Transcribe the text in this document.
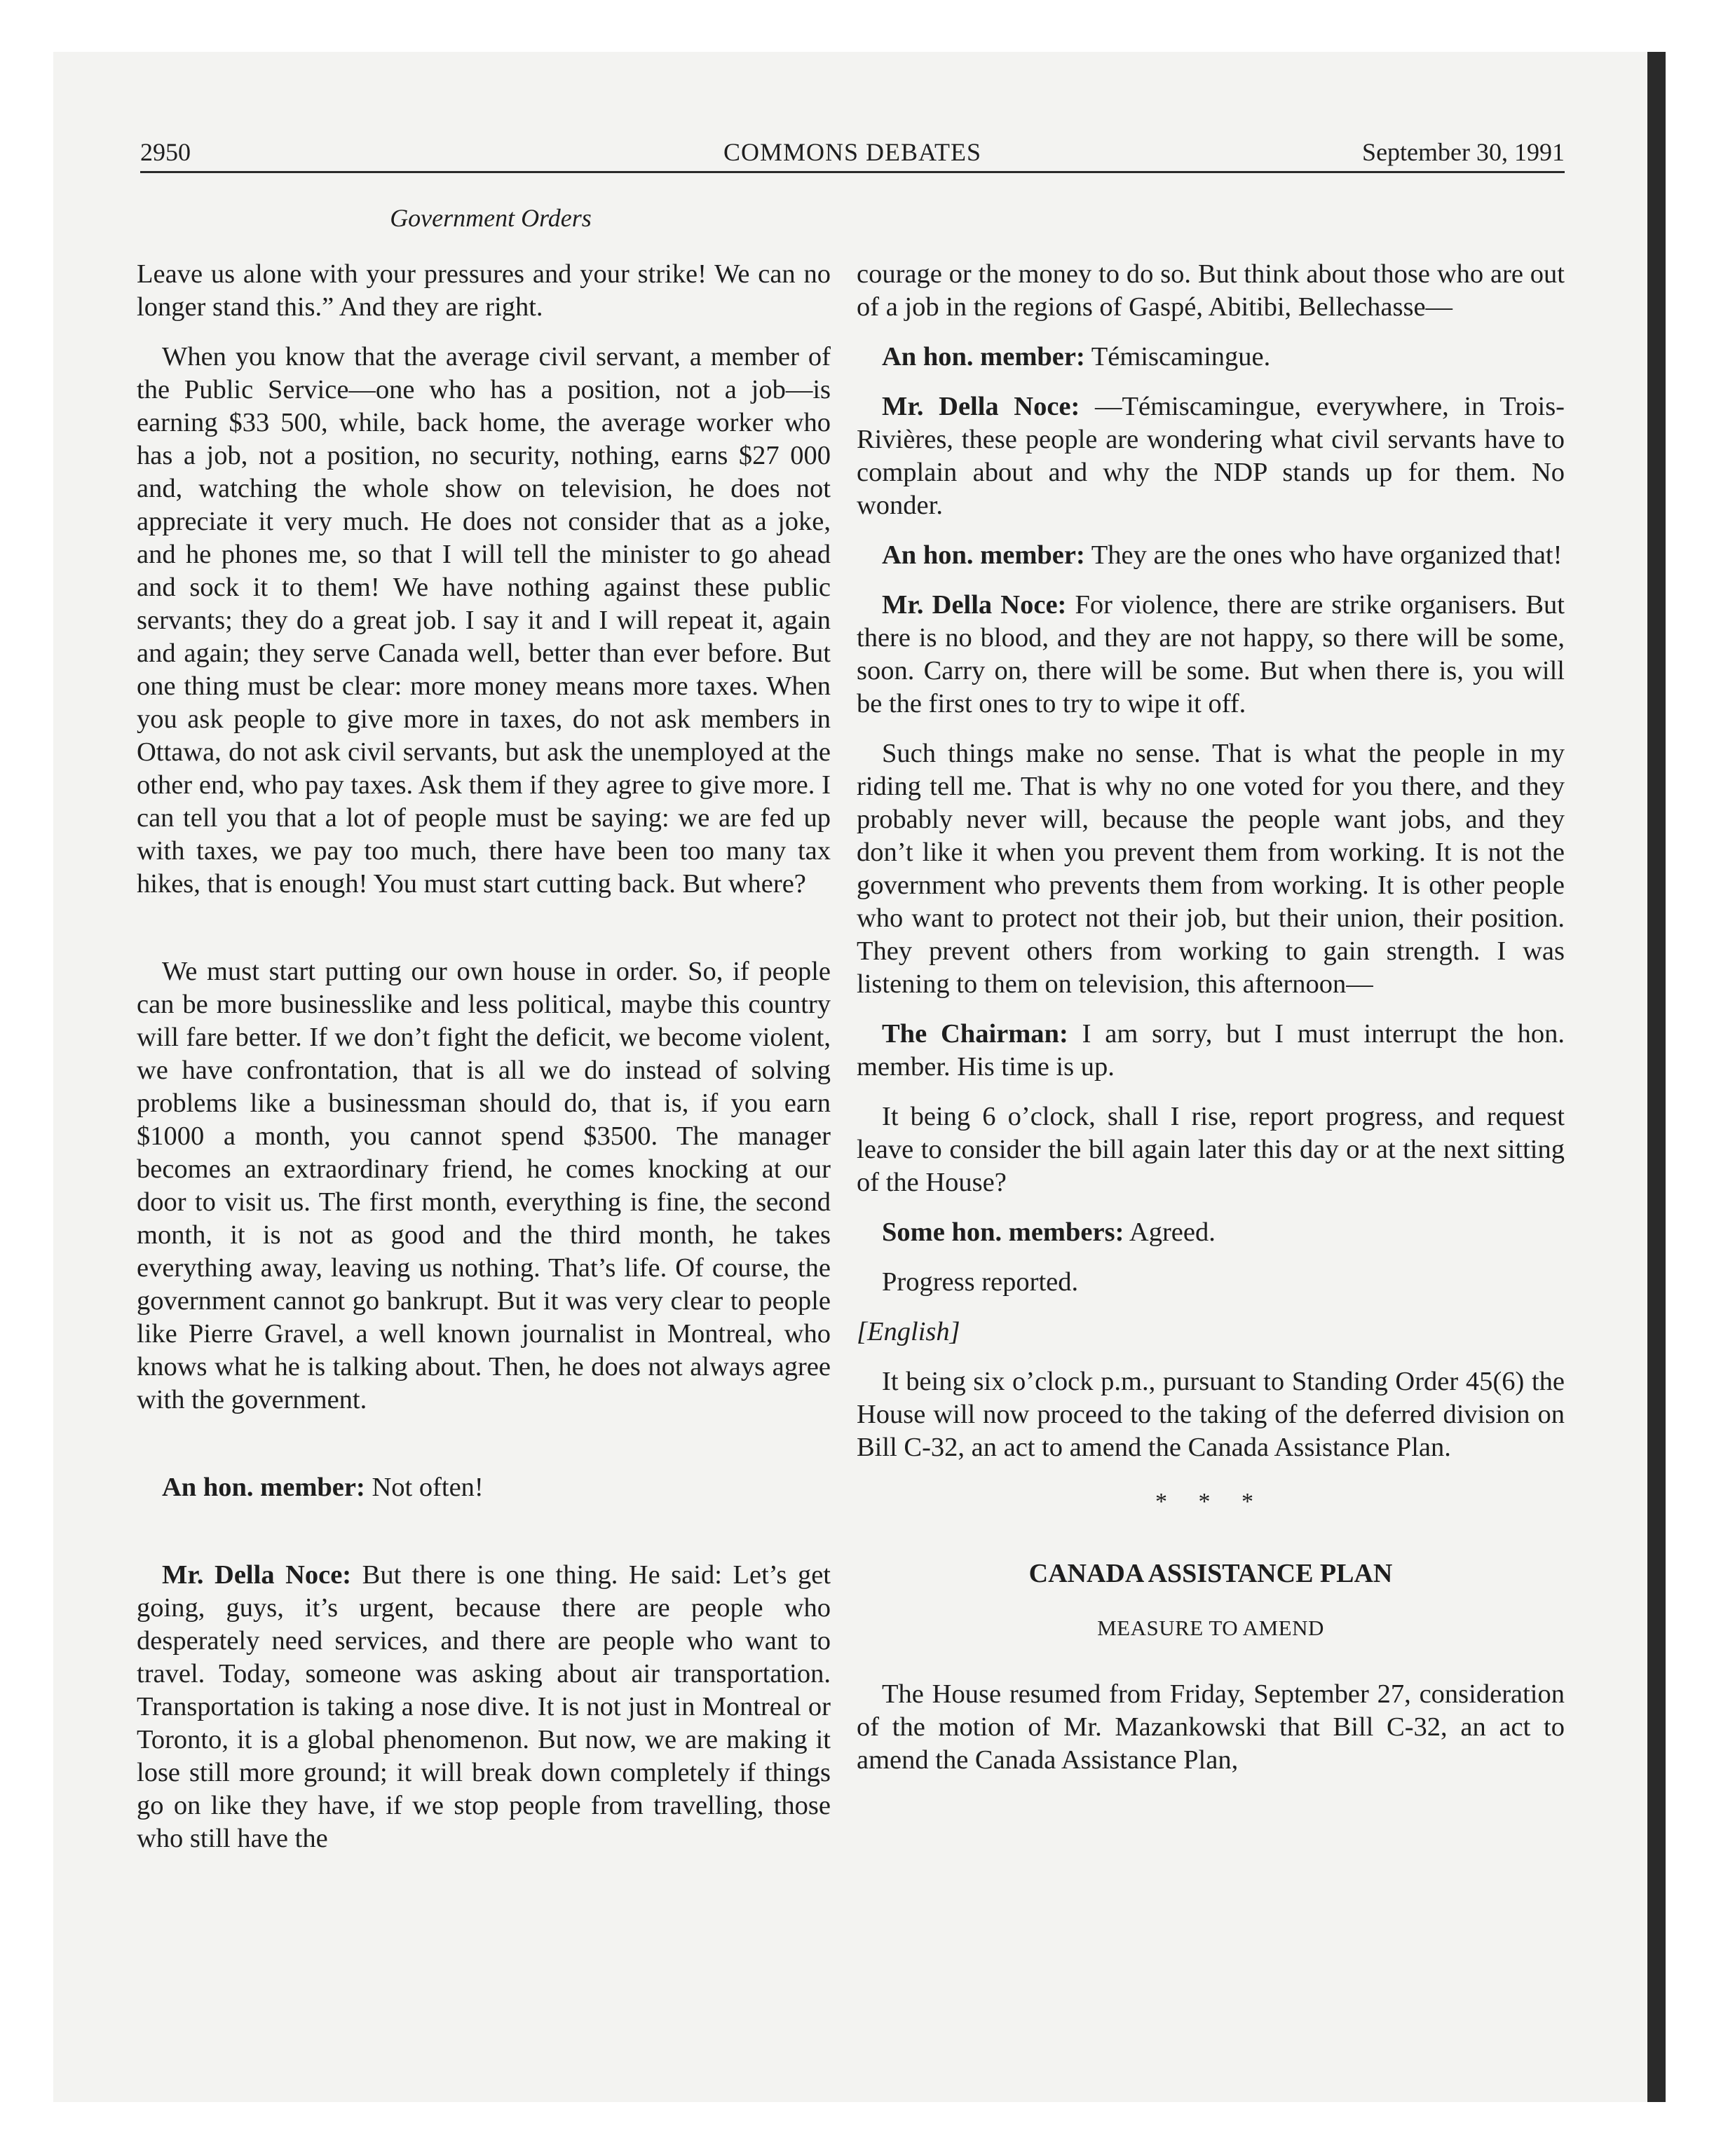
2950	COMMONS DEBATES	September 30, 1991
Government Orders

Leave us alone with your pressures and your strike! We can no longer stand this.” And they are right.

When you know that the average civil servant, a member of the Public Service—one who has a position, not a job—is earning $33 500, while, back home, the average worker who has a job, not a position, no security, nothing, earns $27 000 and, watching the whole show on television, he does not appreciate it very much. He does not consider that as a joke, and he phones me, so that I will tell the minister to go ahead and sock it to them! We have nothing against these public servants; they do a great job. I say it and I will repeat it, again and again; they serve Canada well, better than ever before. But one thing must be clear: more money means more taxes. When you ask people to give more in taxes, do not ask members in Ottawa, do not ask civil servants, but ask the unemployed at the other end, who pay taxes. Ask them if they agree to give more. I can tell you that a lot of people must be saying: we are fed up with taxes, we pay too much, there have been too many tax hikes, that is enough! You must start cutting back. But where?

We must start putting our own house in order. So, if people can be more businesslike and less political, maybe this country will fare better. If we don’t fight the deficit, we become violent, we have confrontation, that is all we do instead of solving problems like a businessman should do, that is, if you earn $1000 a month, you cannot spend $3500. The manager becomes an extraordinary friend, he comes knocking at our door to visit us. The first month, everything is fine, the second month, it is not as good and the third month, he takes everything away, leaving us nothing. That’s life. Of course, the government cannot go bankrupt. But it was very clear to people like Pierre Gravel, a well known journalist in Montreal, who knows what he is talking about. Then, he does not always agree with the government.

An hon. member: Not often!

Mr. Della Noce: But there is one thing. He said: Let’s get going, guys, it’s urgent, because there are people who desperately need services, and there are people who want to travel. Today, someone was asking about air transportation. Transportation is taking a nose dive. It is not just in Montreal or Toronto, it is a global phenomenon. But now, we are making it lose still more ground; it will break down completely if things go on like they have, if we stop people from travelling, those who still have the

courage or the money to do so. But think about those who are out of a job in the regions of Gaspé, Abitibi, Bellechasse—

An hon. member: Témiscamingue.

Mr. Della Noce: —Témiscamingue, everywhere, in Trois-Rivières, these people are wondering what civil servants have to complain about and why the NDP stands up for them. No wonder.

An hon. member: They are the ones who have organized that!

Mr. Della Noce: For violence, there are strike organisers. But there is no blood, and they are not happy, so there will be some, soon. Carry on, there will be some. But when there is, you will be the first ones to try to wipe it off.

Such things make no sense. That is what the people in my riding tell me. That is why no one voted for you there, and they probably never will, because the people want jobs, and they don’t like it when you prevent them from working. It is not the government who prevents them from working. It is other people who want to protect not their job, but their union, their position. They prevent others from working to gain strength. I was listening to them on television, this afternoon—

The Chairman: I am sorry, but I must interrupt the hon. member. His time is up.

It being 6 o’clock, shall I rise, report progress, and request leave to consider the bill again later this day or at the next sitting of the House?

Some hon. members: Agreed.

Progress reported.

[English]

It being six o’clock p.m., pursuant to Standing Order 45(6) the House will now proceed to the taking of the deferred division on Bill C-32, an act to amend the Canada Assistance Plan.

* * *
CANADA ASSISTANCE PLAN
MEASURE TO AMEND

The House resumed from Friday, September 27, consideration of the motion of Mr. Mazankowski that Bill C-32, an act to amend the Canada Assistance Plan,
